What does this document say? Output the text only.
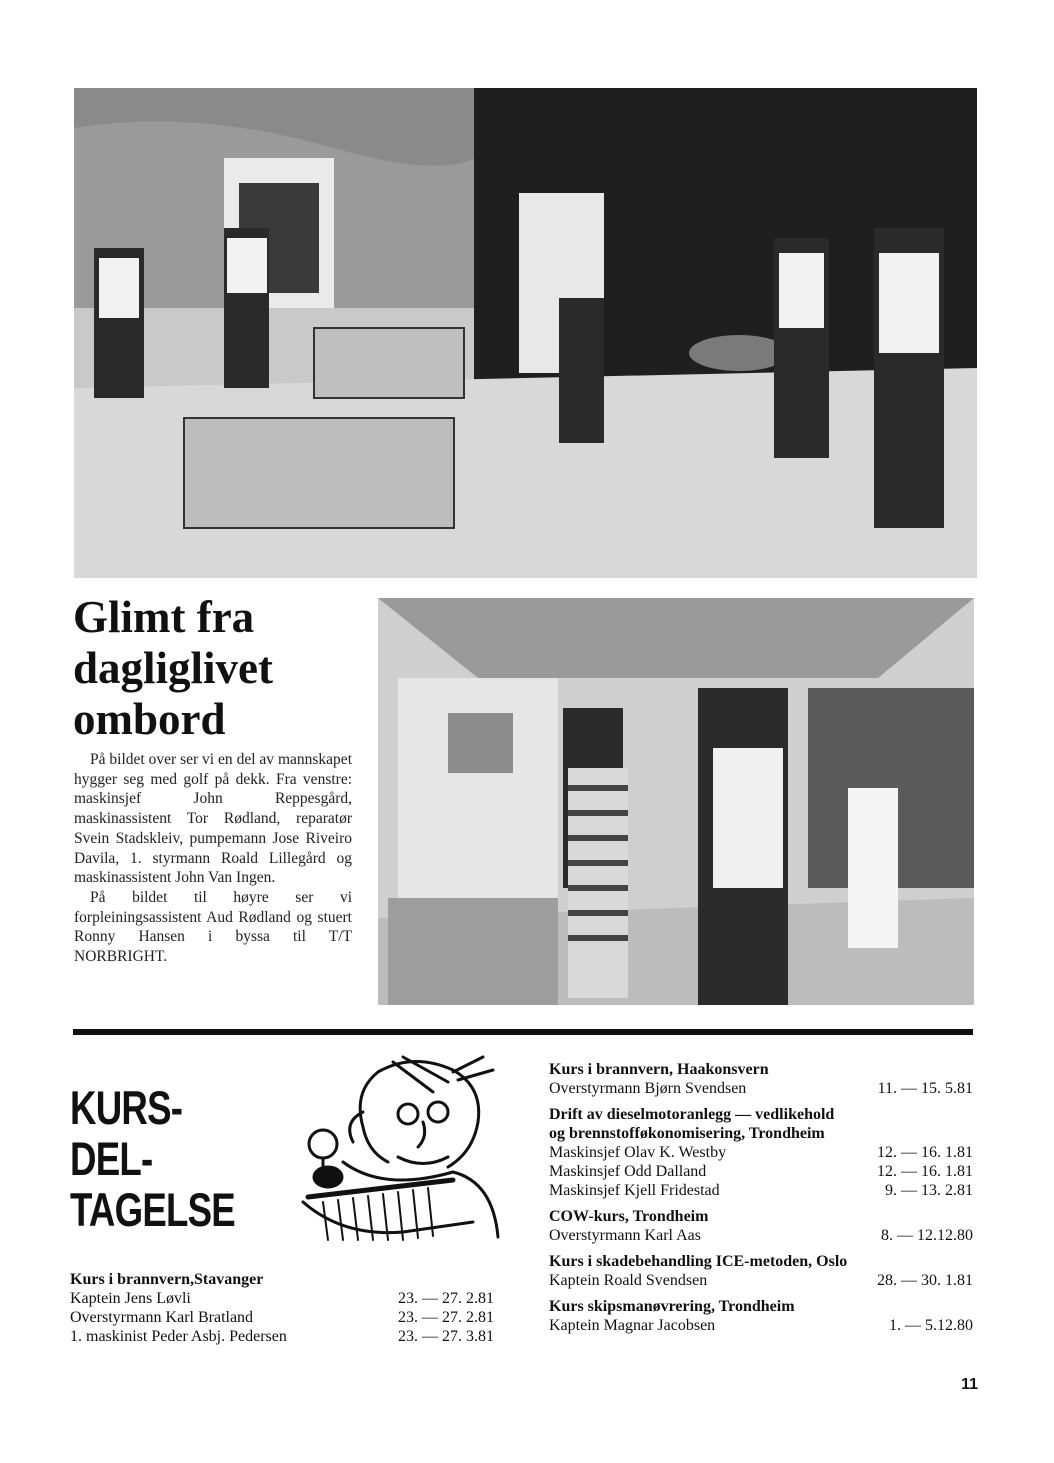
Glimt fra
dagliglivet
ombord

På bildet over ser vi en del av mannskapet hygger seg med golf på dekk. Fra venstre: maskinsjef John Reppesgård, maskinassistent Tor Rødland, reparatør Svein Stadskleiv, pumpemann Jose Riveiro Davila, 1. styrmann Roald Lillegård og maskinassistent John Van Ingen.

På bildet til høyre ser vi forpleiningsassistent Aud Rødland og stuert Ronny Hansen i byssa til T/T NORBRIGHT.

KURS-
DEL-
TAGELSE
Kurs i brannvern,Stavanger
Kaptein Jens Løvli	23. — 27. 2.81
Overstyrmann Karl Bratland	23. — 27. 2.81
1. maskinist Peder Asbj. Pedersen	23. — 27. 3.81
Kurs i brannvern, Haakonsvern
Overstyrmann Bjørn Svendsen	11. — 15. 5.81
Drift av dieselmotoranlegg — vedlikehold
og brennstofføkonomisering, Trondheim
Maskinsjef Olav K. Westby	12. — 16. 1.81
Maskinsjef Odd Dalland	12. — 16. 1.81
Maskinsjef Kjell Fridestad	9. — 13. 2.81
COW-kurs, Trondheim
Overstyrmann Karl Aas	8. — 12.12.80
Kurs i skadebehandling ICE-metoden, Oslo
Kaptein Roald Svendsen	28. — 30. 1.81
Kurs skipsmanøvrering, Trondheim
Kaptein Magnar Jacobsen	1. — 5.12.80
11
